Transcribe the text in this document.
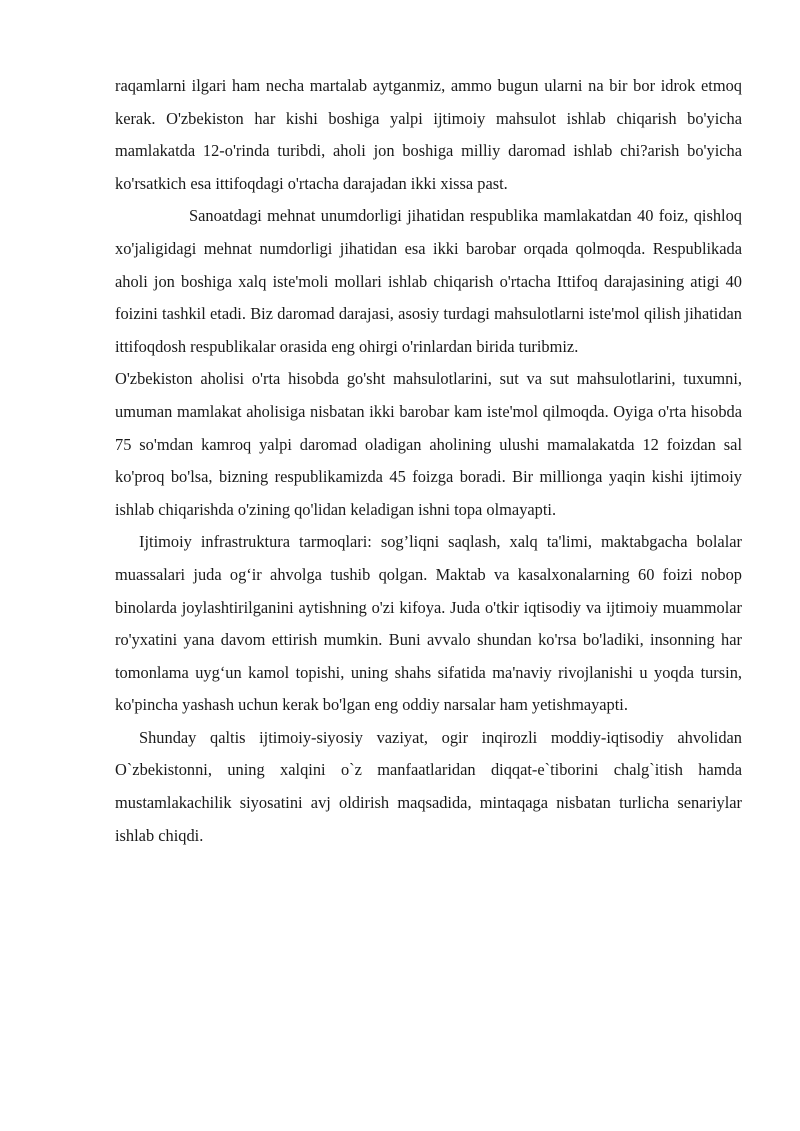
raqamlarni ilgari ham necha martalab aytganmiz, ammo bugun ularni na bir bor idrok etmoq kerak. O'zbekiston har kishi boshiga yalpi ijtimoiy mahsulot ishlab chiqarish bo'yicha mamlakatda 12-o'rinda turibdi, aholi jon boshiga milliy daromad ishlab chi?arish bo'yicha ko'rsatkich esa ittifoqdagi o'rtacha darajadan ikki xissa past.

Sanoatdagi mehnat unumdorligi jihatidan respublika mamlakatdan 40 foiz, qishloq xo'jaligidagi mehnat numdorligi jihatidan esa ikki barobar orqada qolmoqda. Respublikada aholi jon boshiga xalq iste'moli mollari ishlab chiqarish o'rtacha Ittifoq darajasining atigi 40 foizini tashkil etadi. Biz daromad darajasi, asosiy turdagi mahsulotlarni iste'mol qilish jihatidan ittifoqdosh respublikalar orasida eng ohirgi o'rinlardan birida turibmiz.

O'zbekiston aholisi o'rta hisobda go'sht mahsulotlarini, sut va sut mahsulotlarini, tuxumni, umuman mamlakat aholisiga nisbatan ikki barobar kam iste'mol qilmoqda. Oyiga o'rta hisobda 75 so'mdan kamroq yalpi daromad oladigan aholining ulushi mamalakatda 12 foizdan sal ko'proq bo'lsa, bizning respublikamizda 45 foizga boradi. Bir millionga yaqin kishi ijtimoiy ishlab chiqarishda o'zining qo'lidan keladigan ishni topa olmayapti.

Ijtimoiy infrastruktura tarmoqlari: sog’liqni saqlash, xalq ta'limi, maktabgacha bolalar muassalari juda og‘ir ahvolga tushib qolgan. Maktab va kasalxonalarning 60 foizi nobop binolarda joylashtirilganini aytishning o'zi kifoya. Juda o'tkir iqtisodiy va ijtimoiy muammolar ro'yxatini yana davom ettirish mumkin. Buni avvalo shundan ko'rsa bo'ladiki, insonning har tomonlama uyg‘un kamol topishi, uning shahs sifatida ma'naviy rivojlanishi u yoqda tursin, ko'pincha yashash uchun kerak bo'lgan eng oddiy narsalar ham yetishmayapti.

Shunday qaltis ijtimoiy-siyosiy vaziyat, ogir inqirozli moddiy-iqtisodiy ahvolidan O`zbekistonni, uning xalqini o`z manfaatlaridan diqqat-e`tiborini chalg`itish hamda mustamlakachilik siyosatini avj oldirish maqsadida, mintaqaga nisbatan turlicha senariylar ishlab chiqdi.
